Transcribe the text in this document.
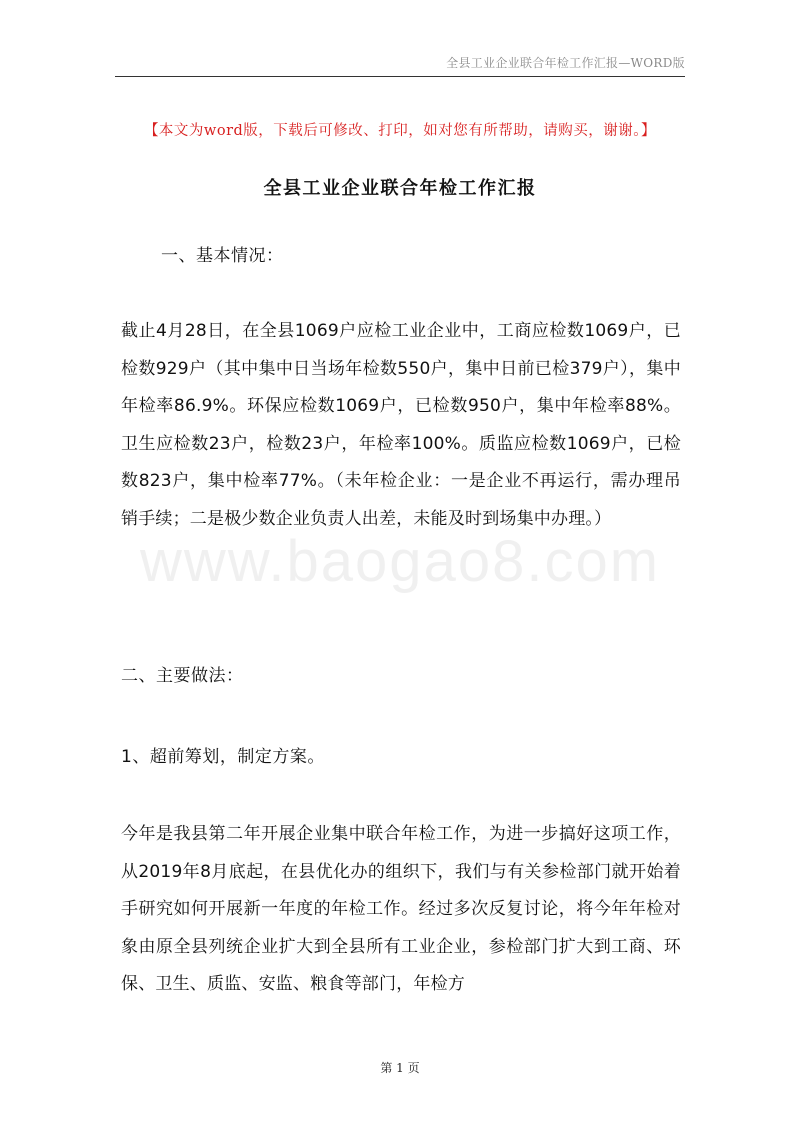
全县工业企业联合年检工作汇报—WORD版
www.baogao8.com
【本文为word版，下载后可修改、打印，如对您有所帮助，请购买，谢谢。】
全县工业企业联合年检工作汇报
一、基本情况：
截止4月28日，在全县1069户应检工业企业中，工商应检数1069户，已检数929户（其中集中日当场年检数550户，集中日前已检379户），集中年检率86.9%。环保应检数1069户，已检数950户，集中年检率88%。卫生应检数23户，检数23户，年检率100%。质监应检数1069户，已检数823户，集中检率77%。（未年检企业：一是企业不再运行，需办理吊销手续；二是极少数企业负责人出差，未能及时到场集中办理。）
二、主要做法：
1、超前筹划，制定方案。
今年是我县第二年开展企业集中联合年检工作，为进一步搞好这项工作，从2019年8月底起，在县优化办的组织下，我们与有关参检部门就开始着手研究如何开展新一年度的年检工作。经过多次反复讨论，将今年年检对象由原全县列统企业扩大到全县所有工业企业，参检部门扩大到工商、环保、卫生、质监、安监、粮食等部门，年检方
第 1 页
